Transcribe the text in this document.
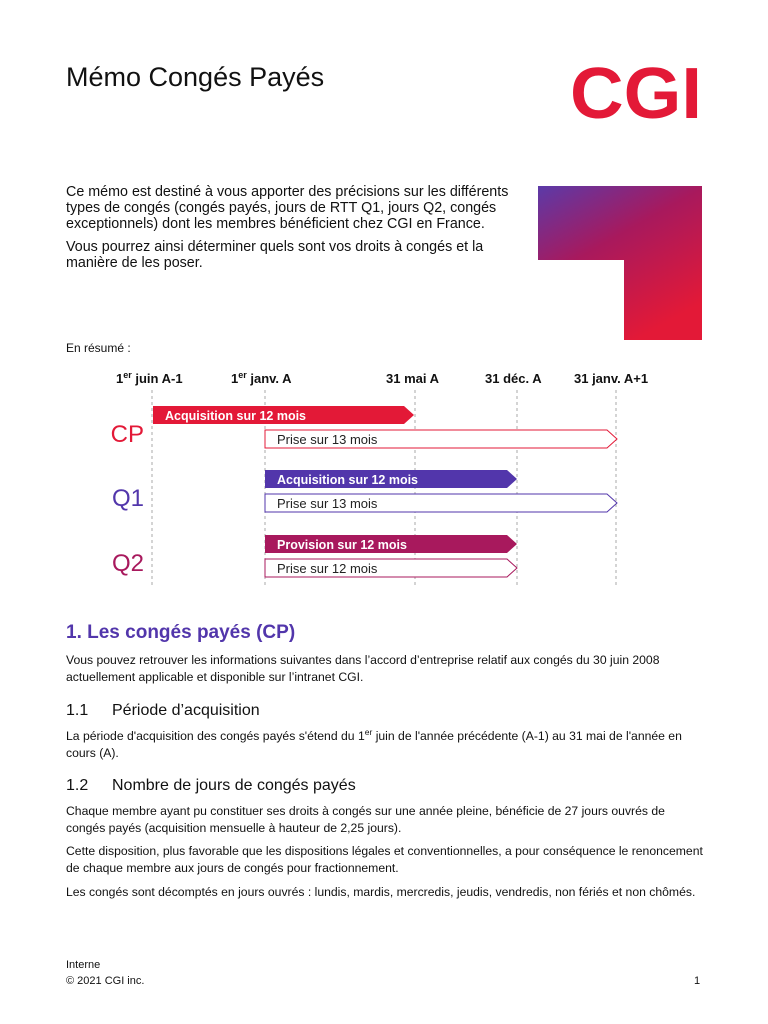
Mémo Congés Payés	CGI

Ce mémo est destiné à vous apporter des précisions sur les différents types de congés (congés payés, jours de RTT Q1, jours Q2, congés exceptionnels) dont les membres bénéficient chez CGI en France.

Vous pourrez ainsi déterminer quels sont vos droits à congés et la manière de les poser.

En résumé :
1er juin A-1	1er janv. A	31 mai A	31 déc. A 31 janv. A+1
CP
Acquisition sur 12 mois
Prise sur 13 mois
Q1
Acquisition sur 12 mois
Prise sur 13 mois
Q2
Provision sur 12 mois
Prise sur 12 mois
1. Les congés payés (CP)

Vous pouvez retrouver les informations suivantes dans l’accord d’entreprise relatif aux congés du 30 juin 2008 actuellement applicable et disponible sur l’intranet CGI.

1.1 Période d’acquisition

La période d'acquisition des congés payés s'étend du 1er juin de l'année précédente (A-1) au 31 mai de l'année en cours (A).

1.2 Nombre de jours de congés payés

Chaque membre ayant pu constituer ses droits à congés sur une année pleine, bénéficie de 27 jours ouvrés de congés payés (acquisition mensuelle à hauteur de 2,25 jours).

Cette disposition, plus favorable que les dispositions légales et conventionnelles, a pour conséquence le renoncement de chaque membre aux jours de congés pour fractionnement.

Les congés sont décomptés en jours ouvrés : lundis, mardis, mercredis, jeudis, vendredis, non fériés et non chômés.

Interne
© 2021 CGI inc.	1
